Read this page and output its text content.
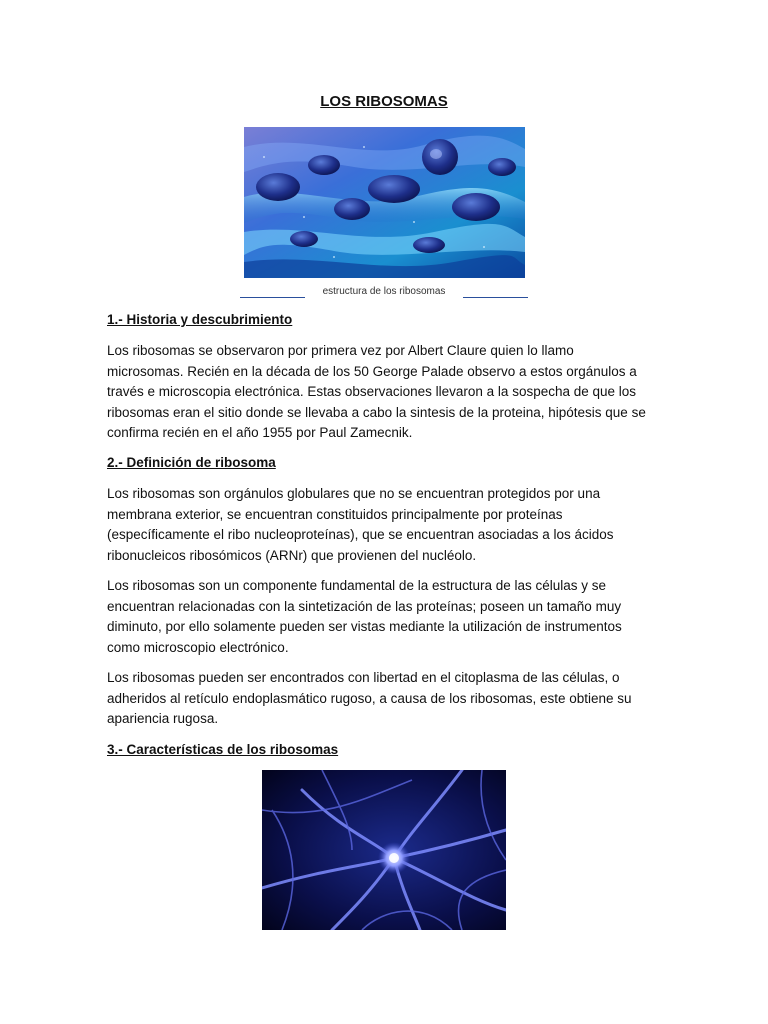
LOS RIBOSOMAS
estructura de los ribosomas
1.- Historia y descubrimiento
Los ribosomas se observaron por primera vez por Albert Claure quien lo llamo
microsomas. Recién en la década de los 50 George Palade observo a estos orgánulos a
través e microscopia electrónica. Estas observaciones llevaron a la sospecha de que los
ribosomas eran el sitio donde se llevaba a cabo la sintesis de la proteina, hipótesis que se
confirma recién en el año 1955 por Paul Zamecnik.
2.- Definición de ribosoma
Los ribosomas son orgánulos globulares que no se encuentran protegidos por una
membrana exterior, se encuentran constituidos principalmente por proteínas
(específicamente el ribo nucleoproteínas), que se encuentran asociadas a los ácidos
ribonucleicos ribosómicos (ARNr) que provienen del nucléolo.
Los ribosomas son un componente fundamental de la estructura de las células y se
encuentran relacionadas con la sintetización de las proteínas; poseen un tamaño muy
diminuto, por ello solamente pueden ser vistas mediante la utilización de instrumentos
como microscopio electrónico.
Los ribosomas pueden ser encontrados con libertad en el citoplasma de las células, o
adheridos al retículo endoplasmático rugoso, a causa de los ribosomas, este obtiene su
apariencia rugosa.
3.- Características de los ribosomas
